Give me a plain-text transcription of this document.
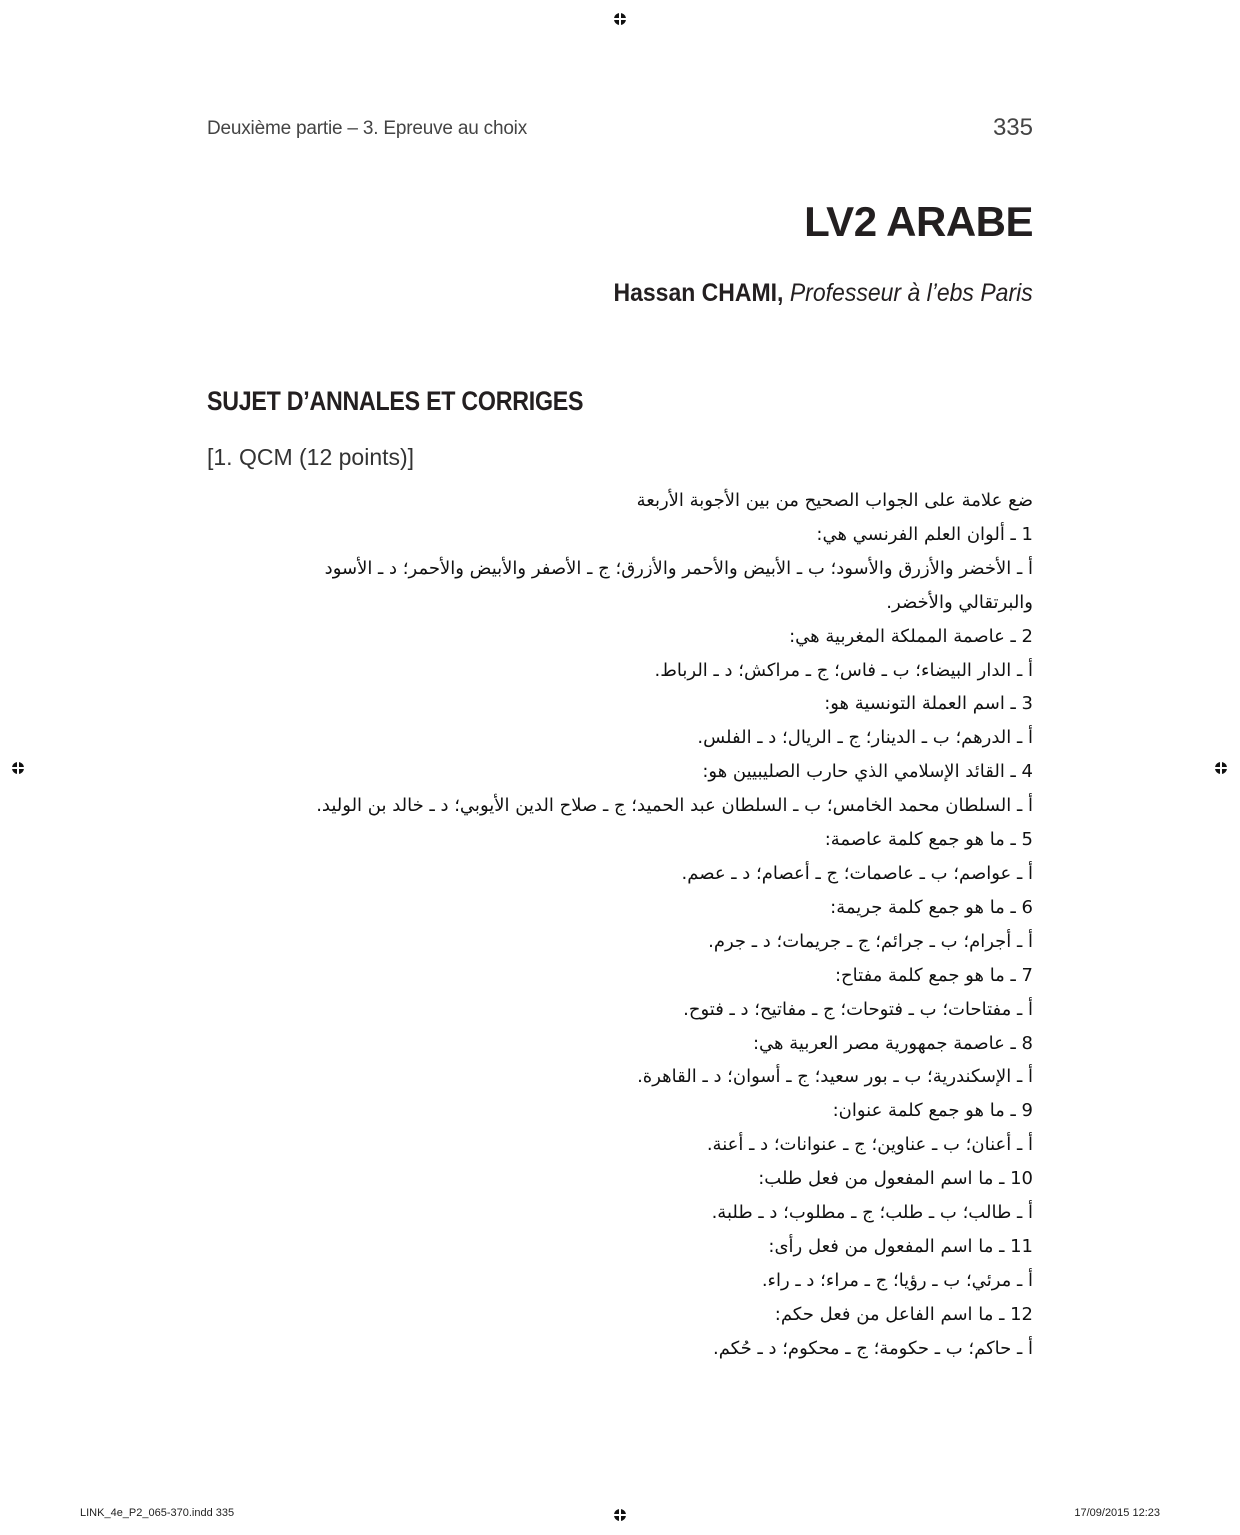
Deuxième partie – 3. Epreuve au choix	335
LV2 ARABE
Hassan CHAMI, Professeur à l’ebs Paris
SUJET D’ANNALES ET CORRIGES
[1. QCM (12 points)]
ضع علامة على الجواب الصحيح من بين الأجوبة الأربعة
1 ـ ألوان العلم الفرنسي هي:
أ ـ الأخضر والأزرق والأسود؛ ب ـ الأبيض والأحمر والأزرق؛ ج ـ الأصفر والأبيض والأحمر؛ د ـ الأسود والبرتقالي والأخضر.
2 ـ عاصمة المملكة المغربية هي:
أ ـ الدار البيضاء؛ ب ـ فاس؛ ج ـ مراكش؛ د ـ الرباط.
3 ـ اسم العملة التونسية هو:
أ ـ الدرهم؛ ب ـ الدينار؛ ج ـ الريال؛ د ـ الفلس.
4 ـ القائد الإسلامي الذي حارب الصليبيين هو:
أ ـ السلطان محمد الخامس؛ ب ـ السلطان عبد الحميد؛ ج ـ صلاح الدين الأيوبي؛ د ـ خالد بن الوليد.
5 ـ ما هو جمع كلمة عاصمة:
أ ـ عواصم؛ ب ـ عاصمات؛ ج ـ أعصام؛ د ـ عصم.
6 ـ ما هو جمع كلمة جريمة:
أ ـ أجرام؛ ب ـ جرائم؛ ج ـ جريمات؛ د ـ جرم.
7 ـ ما هو جمع كلمة مفتاح:
أ ـ مفتاحات؛ ب ـ فتوحات؛ ج ـ مفاتيح؛ د ـ فتوح.
8 ـ عاصمة جمهورية مصر العربية هي:
أ ـ الإسكندرية؛ ب ـ بور سعيد؛ ج ـ أسوان؛ د ـ القاهرة.
9 ـ ما هو جمع كلمة عنوان:
أ ـ أعنان؛ ب ـ عناوين؛ ج ـ عنوانات؛ د ـ أعنة.
10 ـ ما اسم المفعول من فعل طلب:
أ ـ طالب؛ ب ـ طلب؛ ج ـ مطلوب؛ د ـ طلبة.
11 ـ ما اسم المفعول من فعل رأى:
أ ـ مرئي؛ ب ـ رؤيا؛ ج ـ مراء؛ د ـ راء.
12 ـ ما اسم الفاعل من فعل حكم:
أ ـ حاكم؛ ب ـ حكومة؛ ج ـ محكوم؛ د ـ حُكم.
LINK_4e_P2_065-370.indd 335	17/09/2015 12:23
